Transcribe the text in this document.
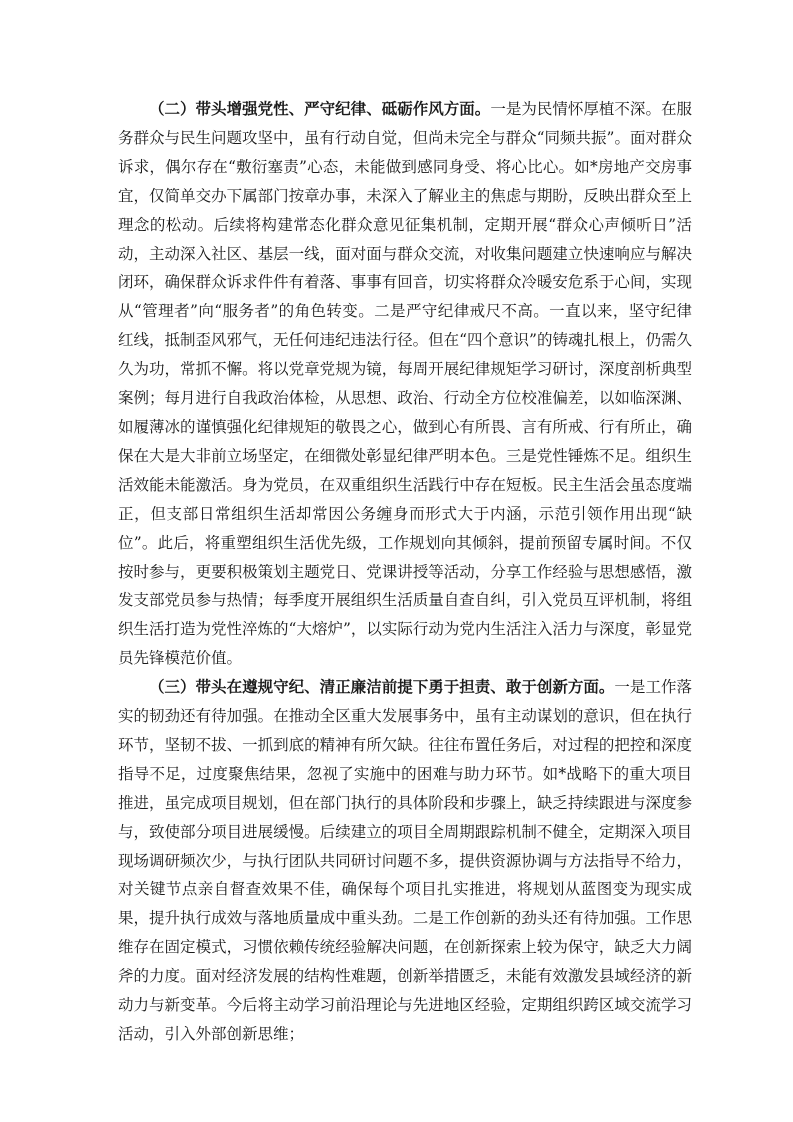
（二）带头增强党性、严守纪律、砥砺作风方面。一是为民情怀厚植不深。在服务群众与民生问题攻坚中，虽有行动自觉，但尚未完全与群众“同频共振”。面对群众诉求，偶尔存在“敷衍塞责”心态，未能做到感同身受、将心比心。如*房地产交房事宜，仅简单交办下属部门按章办事，未深入了解业主的焦虑与期盼，反映出群众至上理念的松动。后续将构建常态化群众意见征集机制，定期开展“群众心声倾听日”活动，主动深入社区、基层一线，面对面与群众交流，对收集问题建立快速响应与解决闭环，确保群众诉求件件有着落、事事有回音，切实将群众冷暖安危系于心间，实现从“管理者”向“服务者”的角色转变。二是严守纪律戒尺不高。一直以来，坚守纪律红线，抵制歪风邪气，无任何违纪违法行径。但在“四个意识”的铸魂扎根上，仍需久久为功，常抓不懈。将以党章党规为镜，每周开展纪律规矩学习研讨，深度剖析典型案例；每月进行自我政治体检，从思想、政治、行动全方位校准偏差，以如临深渊、如履薄冰的谨慎强化纪律规矩的敬畏之心，做到心有所畏、言有所戒、行有所止，确保在大是大非前立场坚定，在细微处彰显纪律严明本色。三是党性锤炼不足。组织生活效能未能激活。身为党员，在双重组织生活践行中存在短板。民主生活会虽态度端正，但支部日常组织生活却常因公务缠身而形式大于内涵，示范引领作用出现“缺位”。此后，将重塑组织生活优先级，工作规划向其倾斜，提前预留专属时间。不仅按时参与，更要积极策划主题党日、党课讲授等活动，分享工作经验与思想感悟，激发支部党员参与热情；每季度开展组织生活质量自查自纠，引入党员互评机制，将组织生活打造为党性淬炼的“大熔炉”，以实际行动为党内生活注入活力与深度，彰显党员先锋模范价值。

（三）带头在遵规守纪、清正廉洁前提下勇于担责、敢于创新方面。一是工作落实的韧劲还有待加强。在推动全区重大发展事务中，虽有主动谋划的意识，但在执行环节，坚韧不拔、一抓到底的精神有所欠缺。往往布置任务后，对过程的把控和深度指导不足，过度聚焦结果，忽视了实施中的困难与助力环节。如*战略下的重大项目推进，虽完成项目规划，但在部门执行的具体阶段和步骤上，缺乏持续跟进与深度参与，致使部分项目进展缓慢。后续建立的项目全周期跟踪机制不健全，定期深入项目现场调研频次少，与执行团队共同研讨问题不多，提供资源协调与方法指导不给力，对关键节点亲自督查效果不佳，确保每个项目扎实推进，将规划从蓝图变为现实成果，提升执行成效与落地质量成中重头劲。二是工作创新的劲头还有待加强。工作思维存在固定模式，习惯依赖传统经验解决问题，在创新探索上较为保守，缺乏大力阔斧的力度。面对经济发展的结构性难题，创新举措匮乏，未能有效激发县域经济的新动力与新变革。今后将主动学习前沿理论与先进地区经验，定期组织跨区域交流学习活动，引入外部创新思维；
